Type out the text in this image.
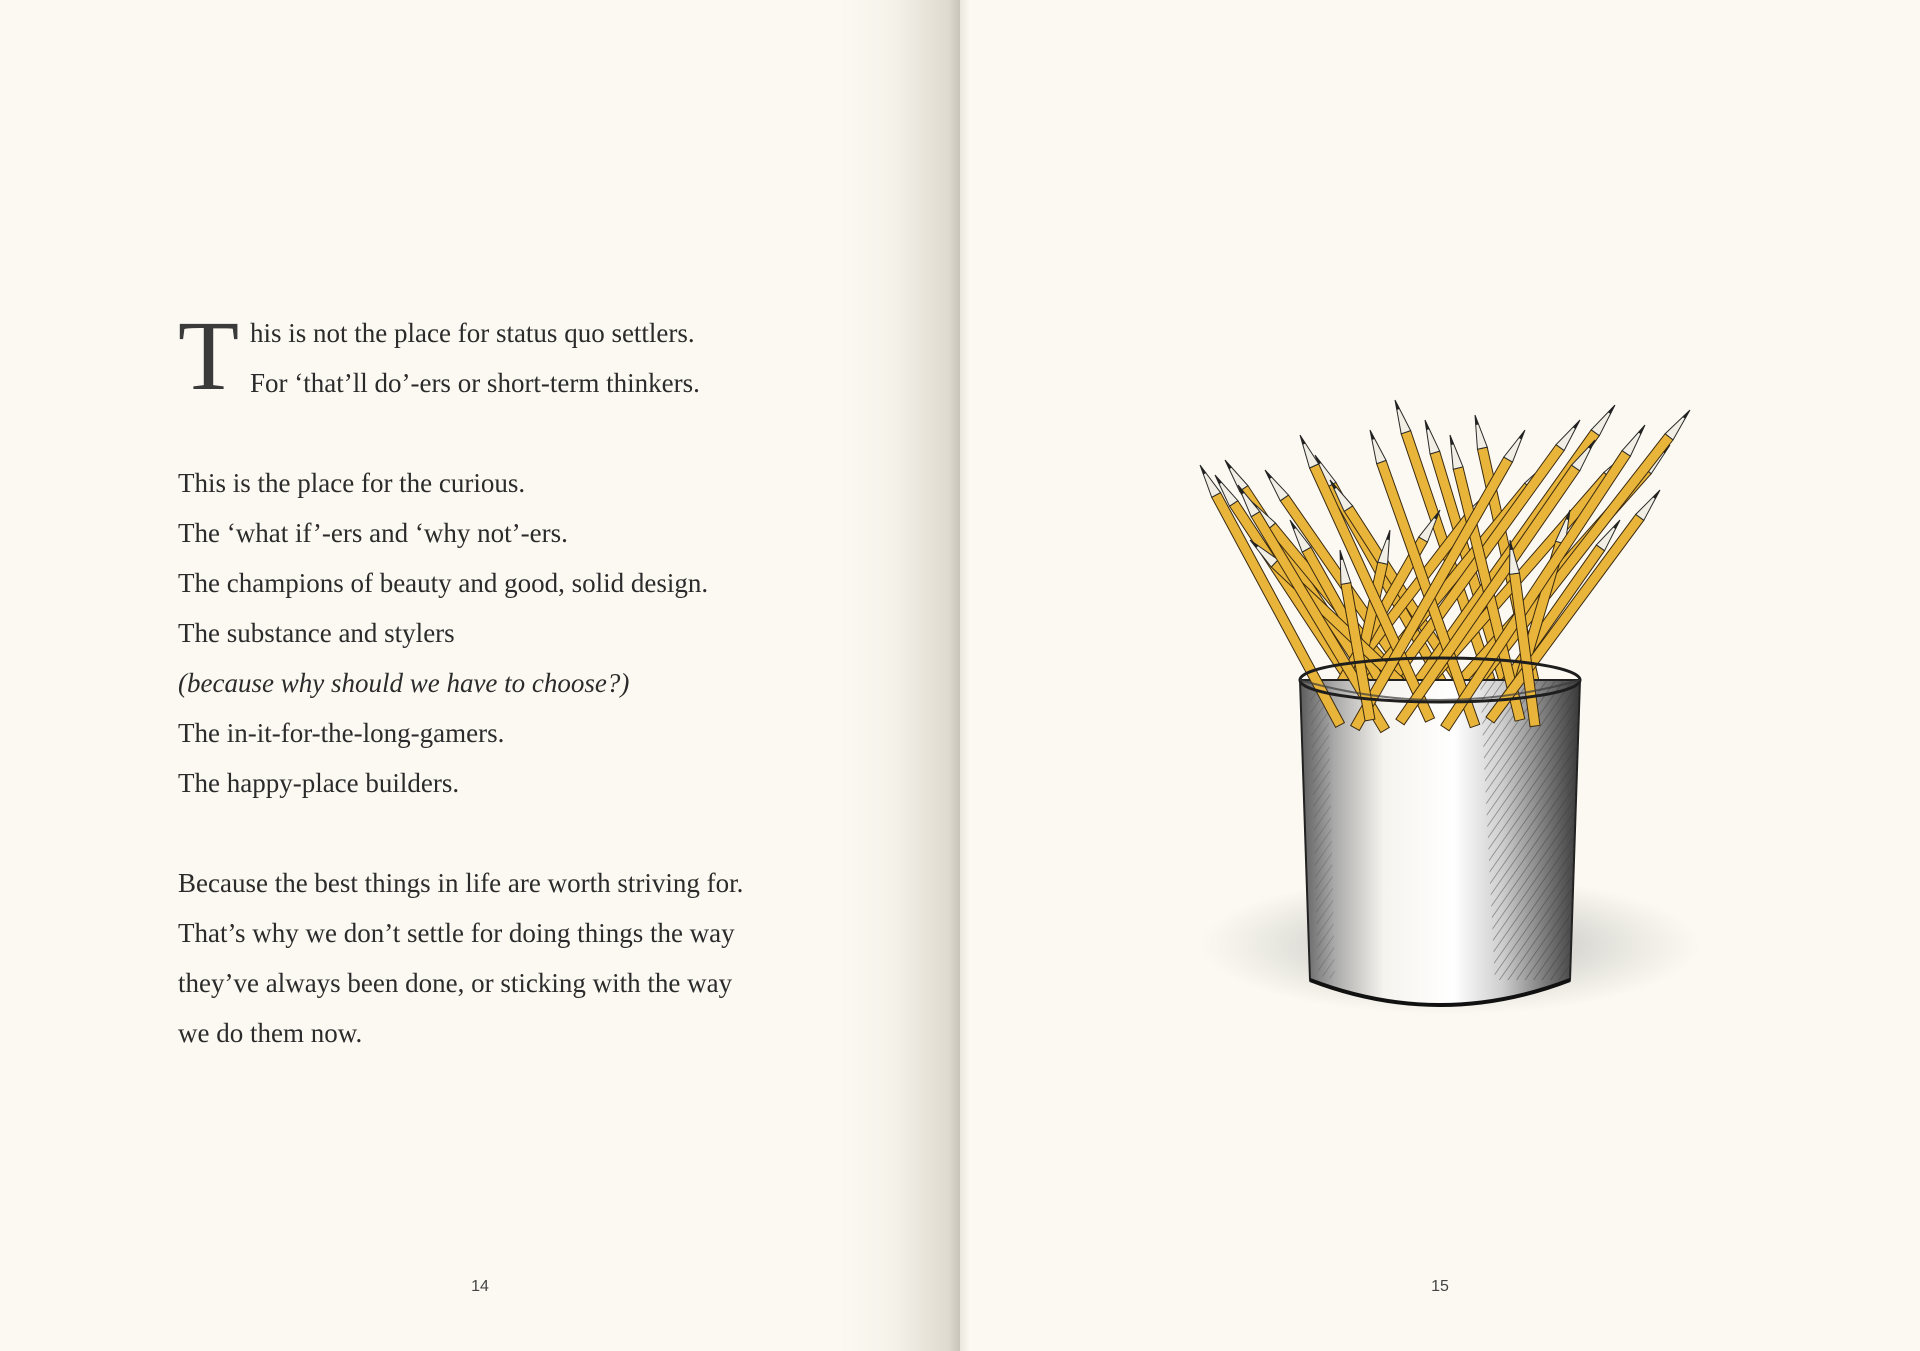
T his is not the place for status quo settlers.
For ‘that’ll do’-ers or short-term thinkers.

This is the place for the curious.
The ‘what if’-ers and ‘why not’-ers.
The champions of beauty and good, solid design.
The substance and stylers
(because why should we have to choose?)
The in-it-for-the-long-gamers.
The happy-place builders.

Because the best things in life are worth striving for.
That’s why we don’t settle for doing things the way
they’ve always been done, or sticking with the way
we do them now.

14	15
